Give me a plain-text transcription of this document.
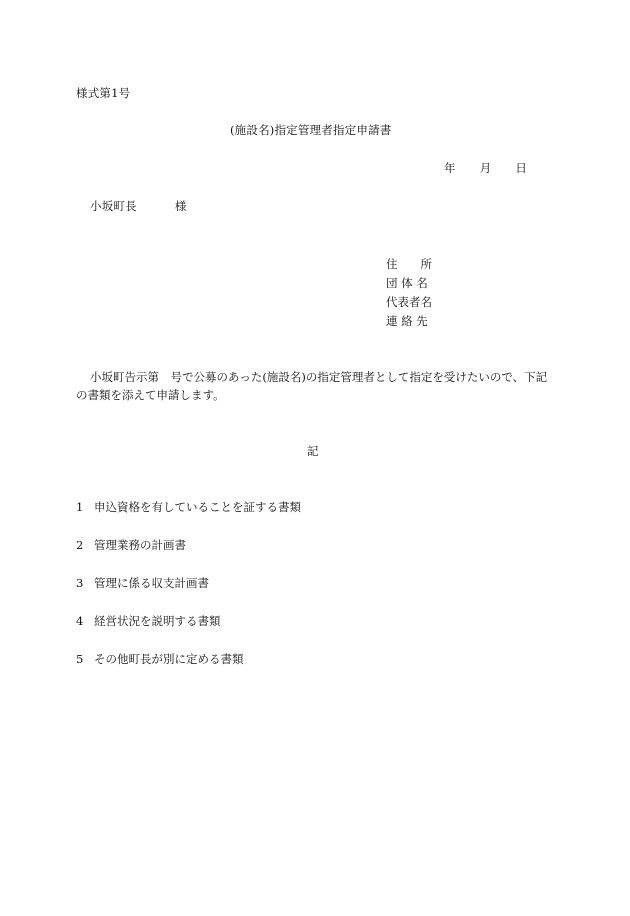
様式第1号
(施設名)指定管理者指定申請書
年 月 日
小坂町長	様
住　　所
団 体 名
代表者名
連 絡 先
小坂町告示第　号で公募のあった(施設名)の指定管理者として指定を受けたいので、下記の書類を添えて申請します。
記
1 申込資格を有していることを証する書類
2 管理業務の計画書
3 管理に係る収支計画書
4 経営状況を説明する書類
5 その他町長が別に定める書類
